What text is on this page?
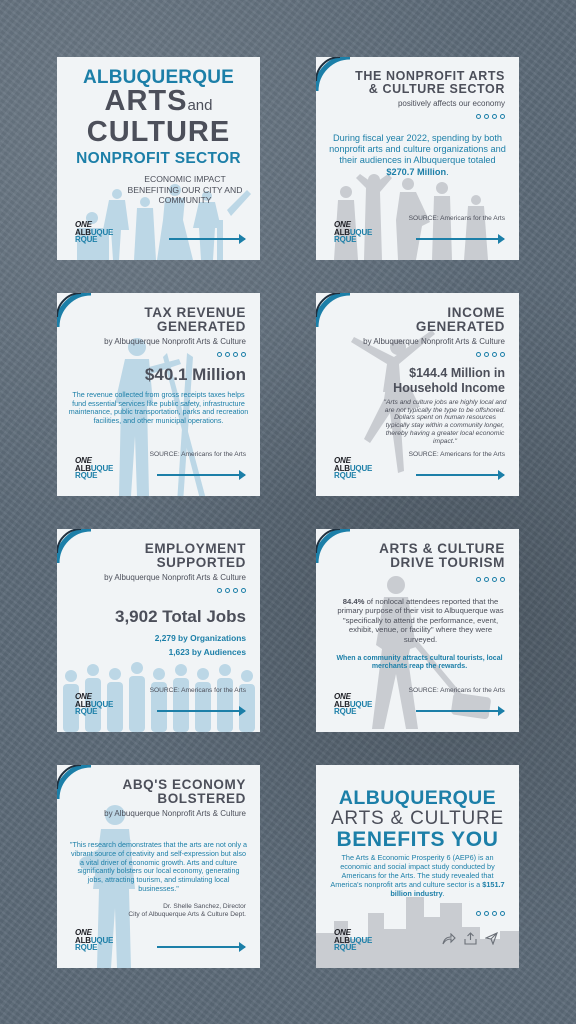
ALBUQUERQUE
ARTSand
CULTURE
NONPROFIT SECTOR
ECONOMIC IMPACT BENEFITING OUR CITY AND COMMUNITY
ONE
ALBUQUE
RQUE
THE NONPROFIT ARTS
& CULTURE SECTOR
positively affects our economy
During fiscal year 2022, spending by both nonprofit arts and culture organizations and their audiences in Albuquerque totaled $270.7 Million.
SOURCE: Americans for the Arts
ONE
ALBUQUE
RQUE
TAX REVENUE
GENERATED
by Albuquerque Nonprofit Arts & Culture
$40.1 Million
The revenue collected from gross receipts taxes helps fund essential services like public safety, infrastructure maintenance, public transportation, parks and recreation facilities, and other municipal operations.
SOURCE: Americans for the Arts
ONE
ALBUQUE
RQUE
INCOME
GENERATED
by Albuquerque Nonprofit Arts & Culture
$144.4 Million in
Household Income
"Arts and culture jobs are highly local and are not typically the type to be offshored. Dollars spent on human resources typically stay within a community longer, thereby having a greater local economic impact."
SOURCE: Americans for the Arts
ONE
ALBUQUE
RQUE
EMPLOYMENT
SUPPORTED
by Albuquerque Nonprofit Arts & Culture
3,902 Total Jobs
2,279 by Organizations
1,623 by Audiences
SOURCE: Americans for the Arts
ONE
ALBUQUE
RQUE
ARTS & CULTURE
DRIVE TOURISM
84.4% of nonlocal attendees reported that the primary purpose of their visit to Albuquerque was "specifically to attend the performance, event, exhibit, venue, or facility" where they were surveyed.
When a community attracts cultural tourists, local merchants reap the rewards.
SOURCE: Americans for the Arts
ONE
ALBUQUE
RQUE
ABQ'S ECONOMY
BOLSTERED
by Albuquerque Nonprofit Arts & Culture
"This research demonstrates that the arts are not only a vibrant source of creativity and self-expression but also a vital driver of economic growth. Arts and culture significantly bolsters our local economy, generating jobs, attracting tourism, and stimulating local businesses."
Dr. Shelle Sanchez, Director
City of Albuquerque Arts & Culture Dept.
ONE
ALBUQUE
RQUE
ALBUQUERQUE
ARTS & CULTURE
BENEFITS YOU
The Arts & Economic Prosperity 6 (AEP6) is an economic and social impact study conducted by Americans for the Arts. The study revealed that America's nonprofit arts and culture sector is a $151.7 billion industry.
ONE
ALBUQUE
RQUE
